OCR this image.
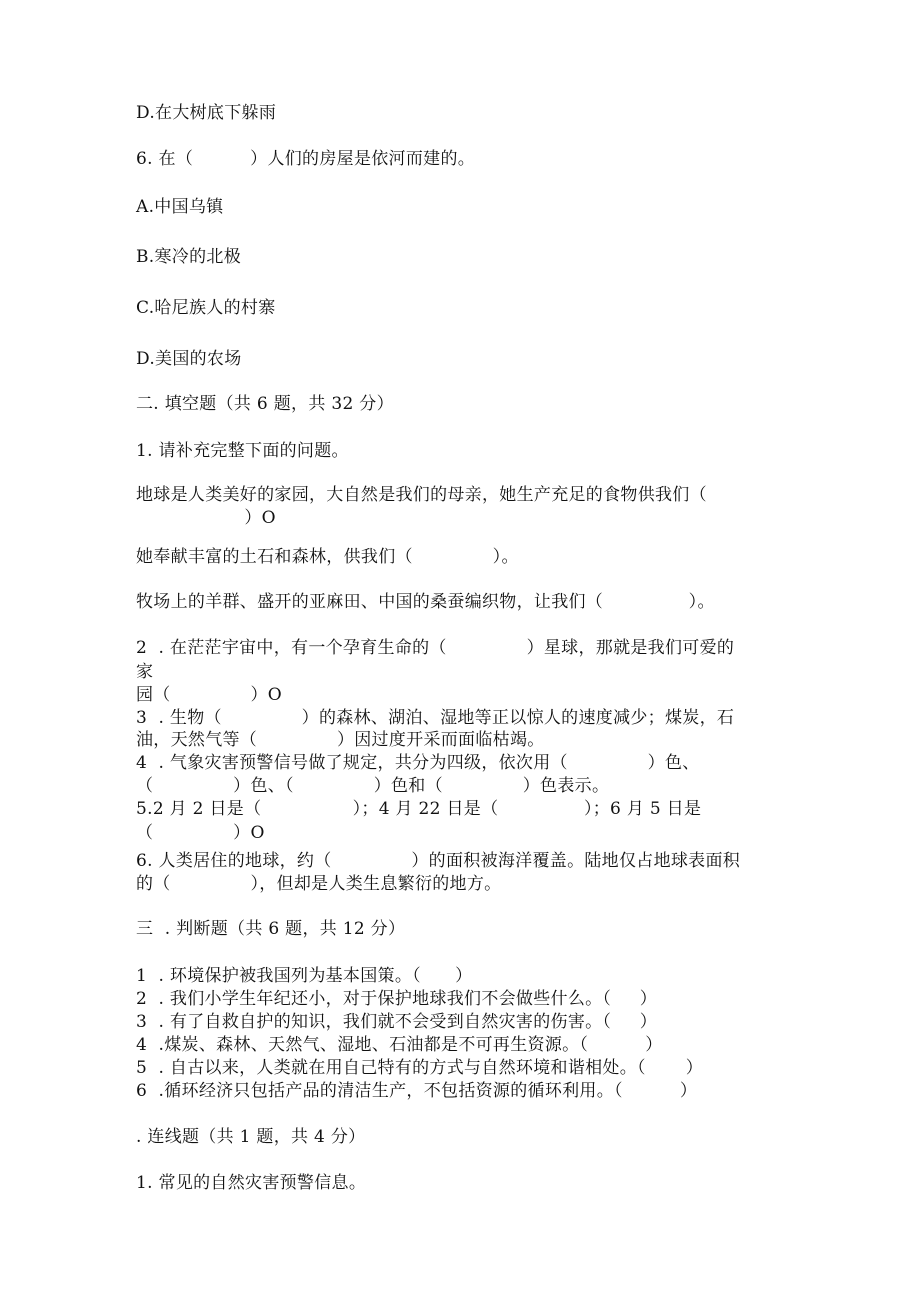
D.在大树底下躲雨
6. 在（          ）人们的房屋是依河而建的。
A.中国乌镇
B.寒冷的北极
C.哈尼族人的村寨
D.美国的农场
二. 填空题（共 6 题，共 32 分）
1. 请补充完整下面的问题。
地球是人类美好的家园，大自然是我们的母亲，她生产充足的食物供我们（
）O
她奉献丰富的土石和森林，供我们（              ）。
牧场上的羊群、盛开的亚麻田、中国的桑蚕编织物，让我们（               ）。
2  . 在茫茫宇宙中，有一个孕育生命的（              ）星球，那就是我们可爱的
家
园（              ）O
3  . 生物（              ）的森林、湖泊、湿地等正以惊人的速度减少；煤炭，石
油，天然气等（              ）因过度开采而面临枯竭。
4  . 气象灾害预警信号做了规定，共分为四级，依次用（              ）色、
（              ）色、（              ）色和（              ）色表示。
5.2 月 2 日是（                ）；4 月 22 日是（               ）；6 月 5 日是
（              ）O
6. 人类居住的地球，约（              ）的面积被海洋覆盖。陆地仅占地球表面积
的（              ），但却是人类生息繁衍的地方。
三  . 判断题（共 6 题，共 12 分）
1  . 环境保护被我国列为基本国策。（      ）
2  . 我们小学生年纪还小，对于保护地球我们不会做些什么。（     ）
3  . 有了自救自护的知识，我们就不会受到自然灾害的伤害。（     ）
4  .煤炭、森林、天然气、湿地、石油都是不可再生资源。（          ）
5  . 自古以来，人类就在用自己特有的方式与自然环境和谐相处。（       ）
6  .循环经济只包括产品的清洁生产，不包括资源的循环利用。（          ）
. 连线题（共 1 题，共 4 分）
1. 常见的自然灾害预警信息。
